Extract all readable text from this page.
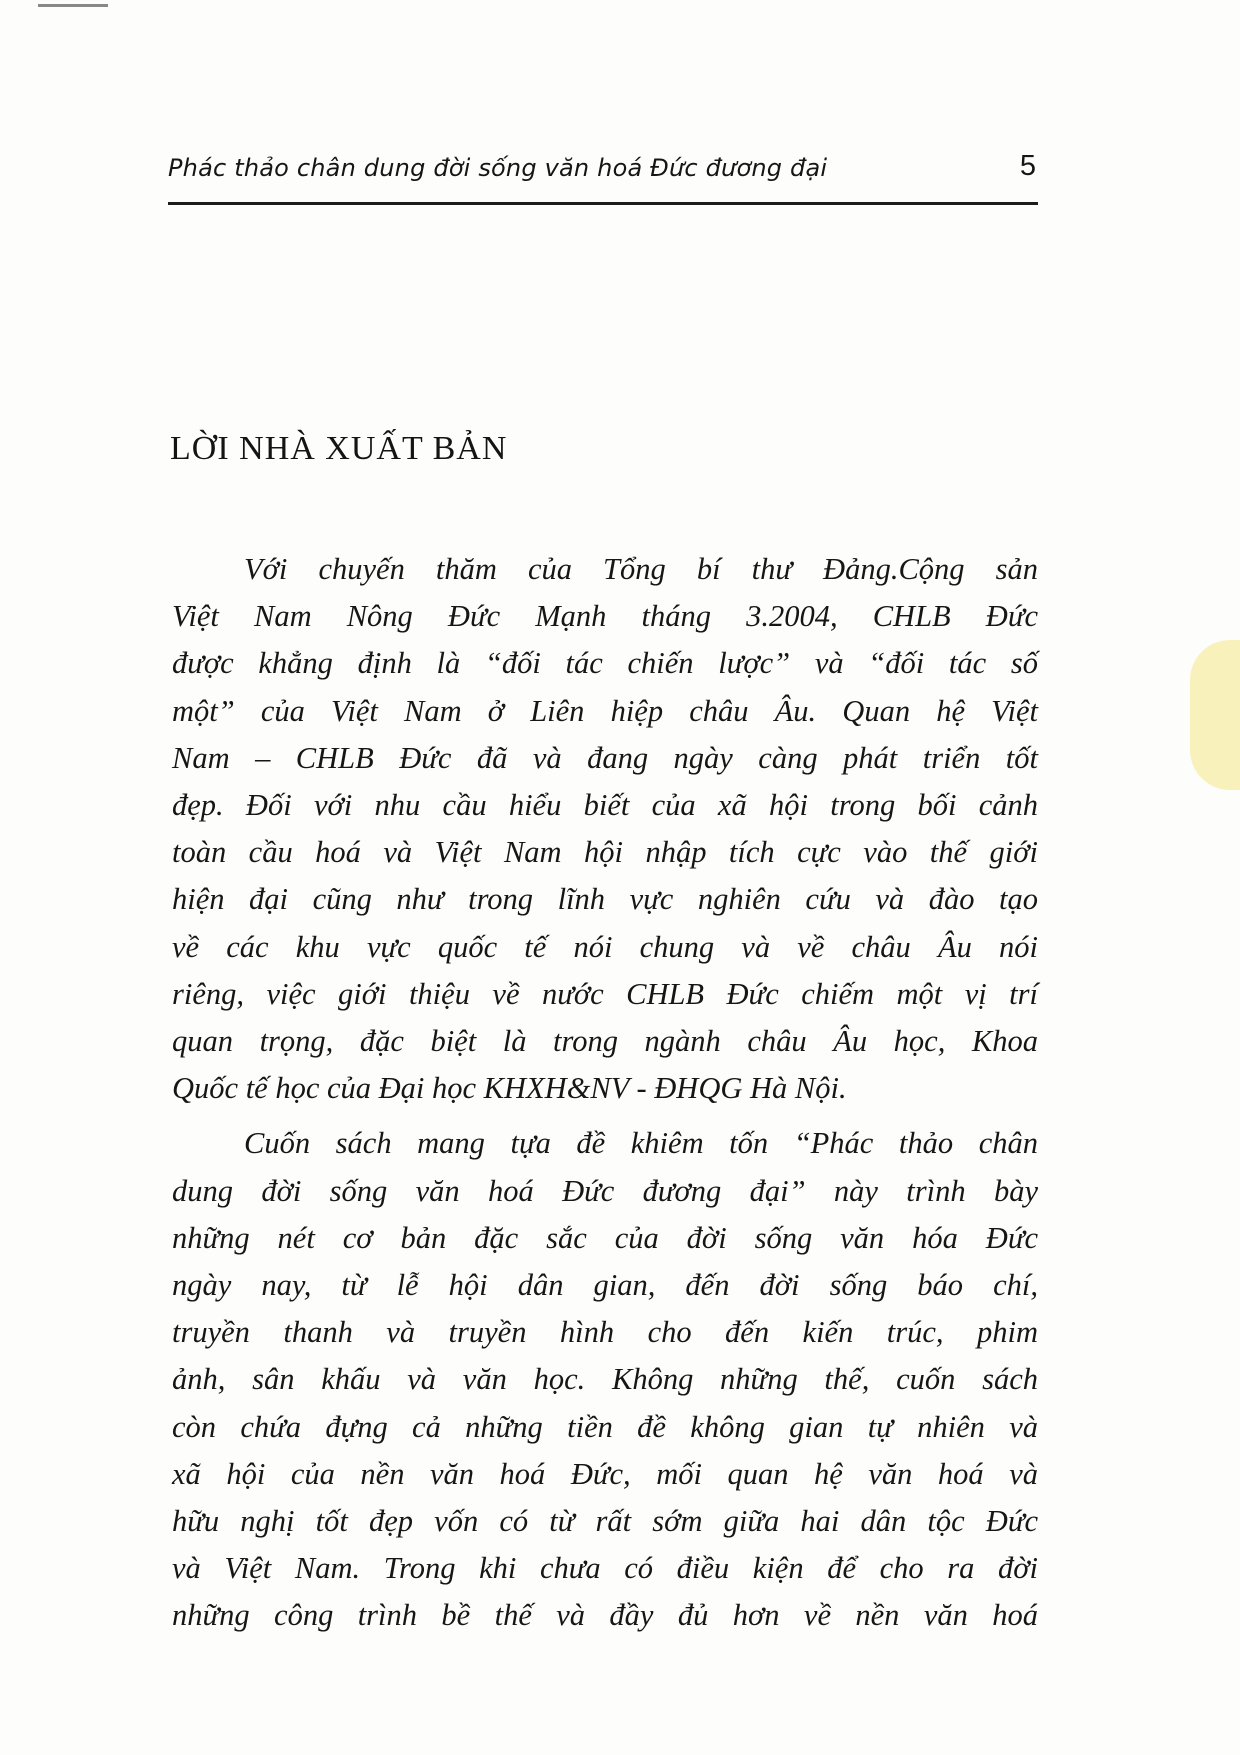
Phác thảo chân dung đời sống văn hoá Đức đương đại	5
LỜI NHÀ XUẤT BẢN
Với chuyến thăm của Tổng bí thư Đảng.Cộng sản
Việt Nam Nông Đức Mạnh tháng 3.2004, CHLB Đức
được khẳng định là “đối tác chiến lược” và “đối tác số
một” của Việt Nam ở Liên hiệp châu Âu. Quan hệ Việt
Nam – CHLB Đức đã và đang ngày càng phát triển tốt
đẹp. Đối với nhu cầu hiểu biết của xã hội trong bối cảnh
toàn cầu hoá và Việt Nam hội nhập tích cực vào thế giới
hiện đại cũng như trong lĩnh vực nghiên cứu và đào tạo
về các khu vực quốc tế nói chung và về châu Âu nói
riêng, việc giới thiệu về nước CHLB Đức chiếm một vị trí
quan trọng, đặc biệt là trong ngành châu Âu học, Khoa
Quốc tế học của Đại học KHXH&NV - ĐHQG Hà Nội.
Cuốn sách mang tựa đề khiêm tốn “Phác thảo chân
dung đời sống văn hoá Đức đương đại” này trình bày
những nét cơ bản đặc sắc của đời sống văn hóa Đức
ngày nay, từ lễ hội dân gian, đến đời sống báo chí,
truyền thanh và truyền hình cho đến kiến trúc, phim
ảnh, sân khấu và văn học. Không những thế, cuốn sách
còn chứa đựng cả những tiền đề không gian tự nhiên và
xã hội của nền văn hoá Đức, mối quan hệ văn hoá và
hữu nghị tốt đẹp vốn có từ rất sớm giữa hai dân tộc Đức
và Việt Nam. Trong khi chưa có điều kiện để cho ra đời
những công trình bề thế và đầy đủ hơn về nền văn hoá
